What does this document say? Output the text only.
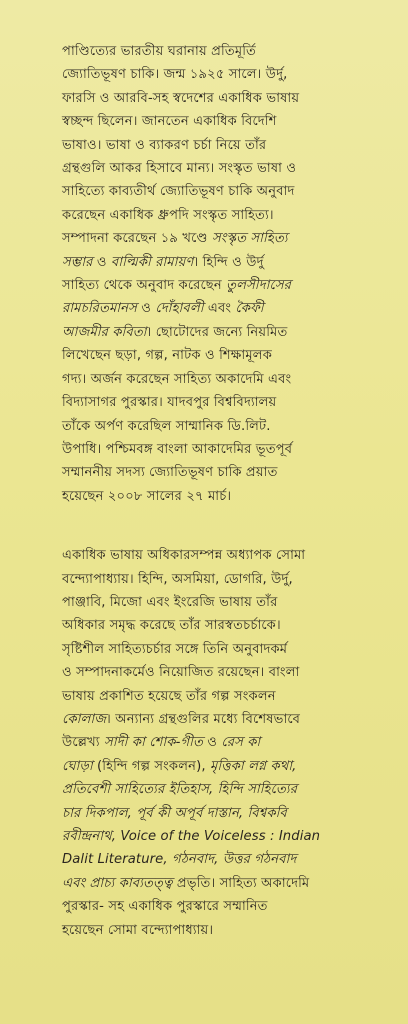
পাণ্ডিত্যের ভারতীয় ঘরানায় প্রতিমূর্তি
জ্যোতিভূষণ চাকি। জন্ম ১৯২৫ সালে। উর্দু,
ফারসি ও আরবি-সহ স্বদেশের একাধিক ভাষায়
স্বচ্ছন্দ ছিলেন। জানতেন একাধিক বিদেশি
ভাষাও। ভাষা ও ব্যাকরণ চর্চা নিয়ে তাঁর
গ্রন্থগুলি আকর হিসাবে মান্য। সংস্কৃত ভাষা ও
সাহিত্যে কাব্যতীর্থ জ্যোতিভূষণ চাকি অনুবাদ
করেছেন একাধিক ধ্রুপদি সংস্কৃত সাহিত্য।
সম্পাদনা করেছেন ১৯ খণ্ডে সংস্কৃত সাহিত্য
সম্ভার ও বাল্মিকী রামায়ণ। হিন্দি ও উর্দু
সাহিত্য থেকে অনুবাদ করেছেন তুলসীদাসের
রামচরিতমানস ও দোঁহাবলী এবং কৈফী
আজমীর কবিতা। ছোটোদের জন্যে নিয়মিত
লিখেছেন ছড়া, গল্প, নাটক ও শিক্ষামূলক
গদ্য। অর্জন করেছেন সাহিত্য অকাদেমি এবং
বিদ্যাসাগর পুরস্কার। যাদবপুর বিশ্ববিদ্যালয়
তাঁকে অর্পণ করেছিল সাম্মানিক ডি.লিট.
উপাধি। পশ্চিমবঙ্গ বাংলা আকাদেমির ভূতপূর্ব
সম্মাননীয় সদস্য জ্যোতিভূষণ চাকি প্রয়াত
হয়েছেন ২০০৮ সালের ২৭ মার্চ।

একাধিক ভাষায় অধিকারসম্পন্ন অধ্যাপক সোমা
বন্দ্যোপাধ্যায়। হিন্দি, অসমিয়া, ডোগরি, উর্দু,
পাঞ্জাবি, মিজো এবং ইংরেজি ভাষায় তাঁর
অধিকার সমৃদ্ধ করেছে তাঁর সারস্বতচর্চাকে।
সৃষ্টিশীল সাহিত্যচর্চার সঙ্গে তিনি অনুবাদকর্ম
ও সম্পাদনাকর্মেও নিয়োজিত রয়েছেন। বাংলা
ভাষায় প্রকাশিত হয়েছে তাঁর গল্প সংকলন
কোলাজ। অন্যান্য গ্রন্থগুলির মধ্যে বিশেষভাবে
উল্লেখ্য সাদী কা শোক-গীত ও রেস কা
ঘোড়া (হিন্দি গল্প সংকলন), মৃত্তিকা লগ্ন কথা,
প্রতিবেশী সাহিত্যের ইতিহাস, হিন্দি সাহিত্যের
চার দিকপাল, পূর্ব কী অপূর্ব দাস্তান, বিশ্বকবি
রবীন্দ্রনাথ, Voice of the Voiceless : Indian
Dalit Literature, গঠনবাদ, উত্তর গঠনবাদ
এবং প্রাচ্য কাব্যতত্ত্ব প্রভৃতি। সাহিত্য অকাদেমি
পুরস্কার- সহ একাধিক পুরস্কারে সম্মানিত
হয়েছেন সোমা বন্দ্যোপাধ্যায়।
